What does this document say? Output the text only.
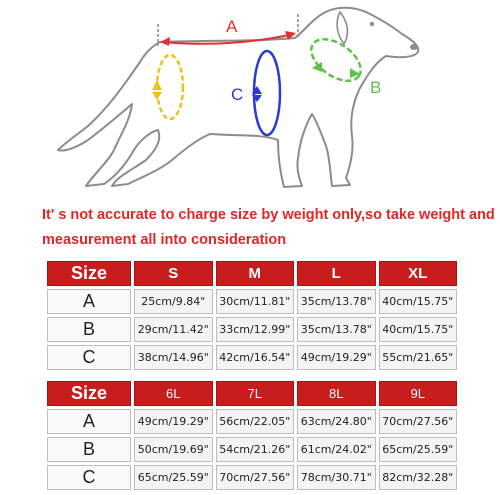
A
C	B
It' s not accurate to charge size by weight only,so take weight and
measurement all into consideration
Size	S	M	L	XL
A	25cm/9.84"	30cm/11.81"	35cm/13.78"	40cm/15.75"
B	29cm/11.42"	33cm/12.99"	35cm/13.78"	40cm/15.75"
C	38cm/14.96"	42cm/16.54"	49cm/19.29"	55cm/21.65"
Size	6L	7L	8L	9L
A	49cm/19.29"	56cm/22.05"	63cm/24.80"	70cm/27.56"
B	50cm/19.69"	54cm/21.26"	61cm/24.02"	65cm/25.59"
C	65cm/25.59"	70cm/27.56"	78cm/30.71"	82cm/32.28"
